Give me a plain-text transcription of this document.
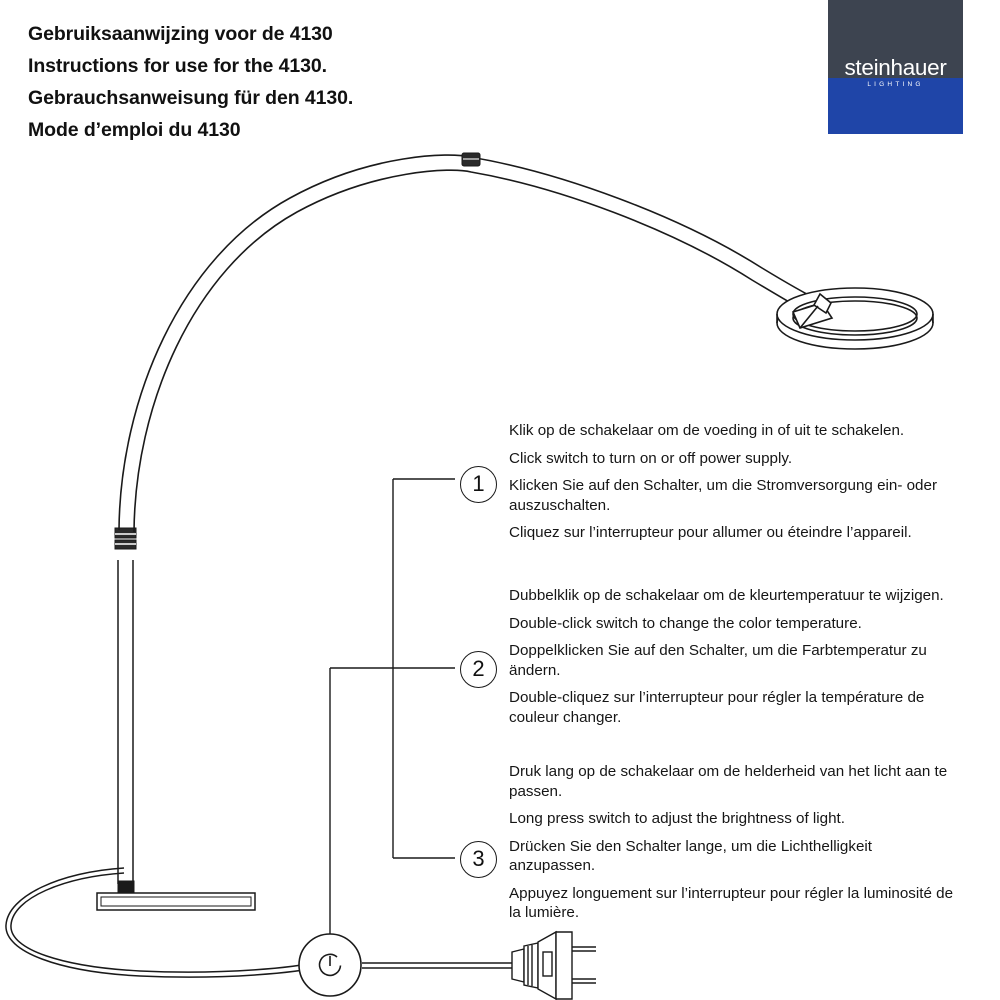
Gebruiksaanwijzing voor de 4130
Instructions for use for the 4130.
Gebrauchsanweisung für den 4130.
Mode d’emploi du 4130
steinhauer
LIGHTING
1
2
3
Klik op de schakelaar om de voeding in of uit te schakelen.
Click switch to turn on or off power supply.
Klicken Sie auf den Schalter, um die Stromversorgung ein- oder auszuschalten.
Cliquez sur l’interrupteur pour allumer ou éteindre l’appareil.
Dubbelklik op de schakelaar om de kleurtemperatuur te wijzigen.
Double-click switch to change the color temperature.
Doppelklicken Sie auf den Schalter, um die Farbtemperatur zu ändern.
Double-cliquez sur l’interrupteur pour régler la température de couleur changer.
Druk lang op de schakelaar om de helderheid van het licht aan te passen.
Long press switch to adjust the brightness of light.
Drücken Sie den Schalter lange, um die Lichthelligkeit anzupassen.
Appuyez longuement sur l’interrupteur pour régler la luminosité de la lumière.
